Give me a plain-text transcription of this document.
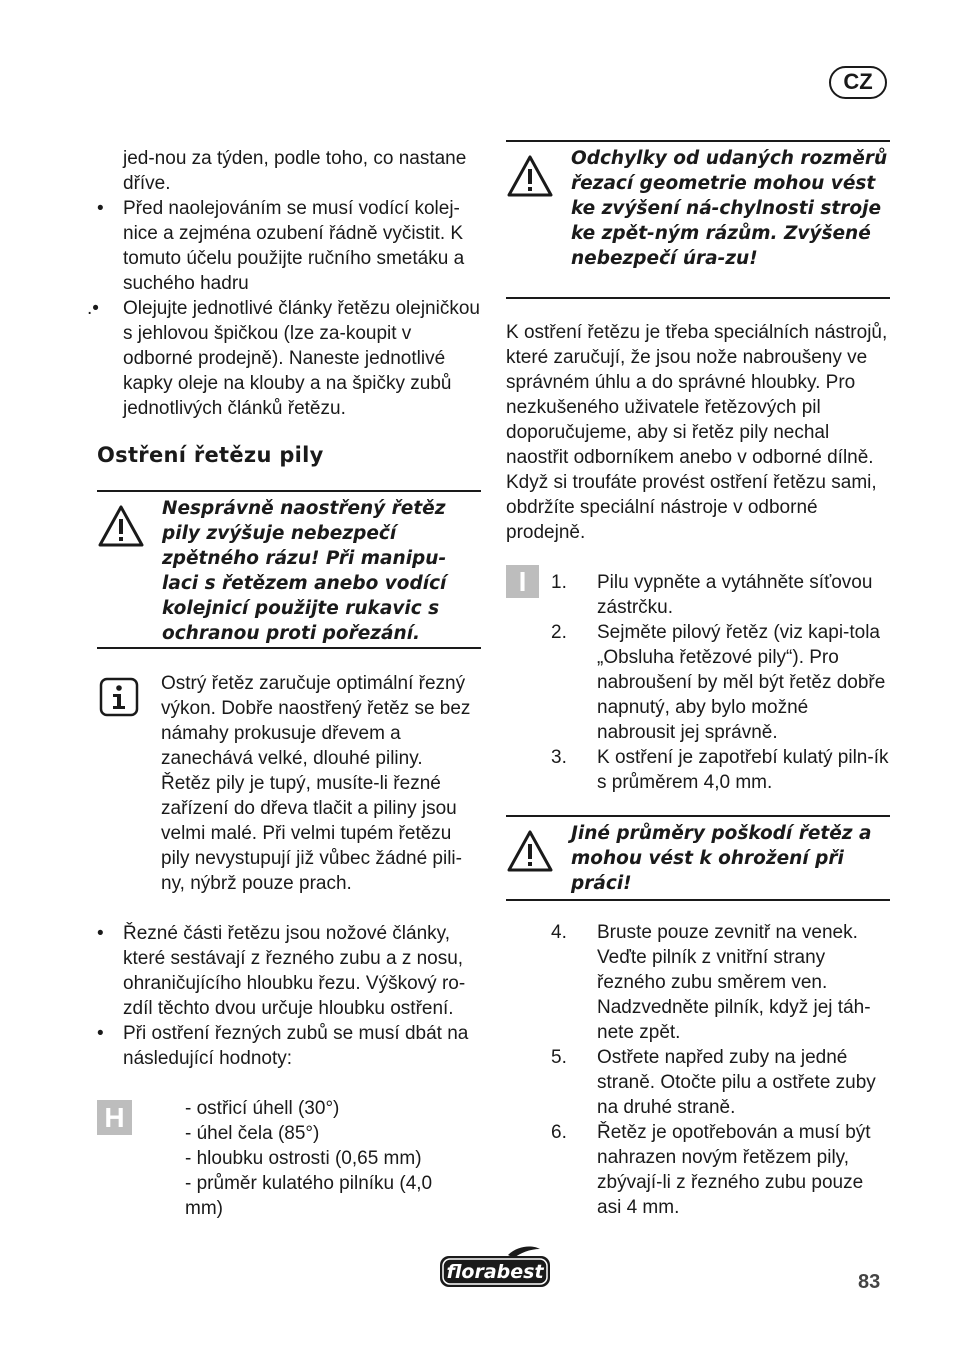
CZ

jed-nou za týden, podle toho, co nastane dříve.

• Před naolejováním se musí vodící kolej-nice a zejména ozubení řádně vyčistit. K tomuto účelu použijte ručního smetáku a suchého hadru
.• Olejujte jednotlivé články řetězu olejničkou s jehlovou špičkou (lze za-koupit v odborné prodejně). Naneste jednotlivé kapky oleje na klouby a na špičky zubů jednotlivých článků řetězu.
Ostření řetězu pily
Nesprávně naostřený řetěz pily zvýšuje nebezpečí zpětného rázu! Při manipu-laci s řetězem anebo vodící kolejnicí použijte rukavic s ochranou proti pořezání.
Ostrý řetěz zaručuje optimální řezný výkon. Dobře naostřený řetěz se bez námahy prokusuje dřevem a zanechává velké, dlouhé piliny. Řetěz pily je tupý, musíte-li řezné zařízení do dřeva tlačit a piliny jsou velmi malé. Při velmi tupém řetězu pily nevystupují již vůbec žádné pili-ny, nýbrž pouze prach.
• Řezné části řetězu jsou nožové články, které sestávají z řezného zubu a z nosu, ohraničujícího hloubku řezu. Výškový ro-zdíl těchto dvou určuje hloubku ostření.
• Při ostření řezných zubů se musí dbát na následující hodnoty:
H	- ostřicí úhell (30°)
- úhel čela (85°)
- hloubku ostrosti (0,65 mm)
- průměr kulatého pilníku (4,0 mm)
Odchylky od udaných rozměrů řezací geometrie mohou vést ke zvýšení ná-chylnosti stroje ke zpět-ným rázům. Zvýšené nebezpečí úra-zu!
K ostření řetězu je třeba speciálních nástrojů, které zaručují, že jsou nože nabroušeny ve správném úhlu a do správné hloubky. Pro nezkušeného uživatele řetězových pil doporučujeme, aby si řetěz pily nechal naostřit odborníkem anebo v odborné dílně. Když si troufáte provést ostření řetězu sami, obdržíte speciální nástroje v odborné prodejně.
I	1. Pilu vypněte a vytáhněte síťovou zástrčku.
2. Sejměte pilový řetěz (viz kapi-tola „Obsluha řetězové pily“). Pro nabroušení by měl být řetěz dobře napnutý, aby bylo možné nabrousit jej správně.
3. K ostření je zapotřebí kulatý piln-ík s průměrem 4,0 mm.
Jiné průměry poškodí řetěz a mohou vést k ohrožení při práci!
4. Bruste pouze zevnitř na venek. Veďte pilník z vnitřní strany řezného zubu směrem ven. Nadzvedněte pilník, když jej táh-nete zpět.
5. Ostřete napřed zuby na jedné straně. Otočte pilu a ostřete zuby na druhé straně.
6. Řetěz je opotřebován a musí být nahrazen novým řetězem pily, zbývají-li z řezného zubu pouze asi 4 mm.
florabest	83
